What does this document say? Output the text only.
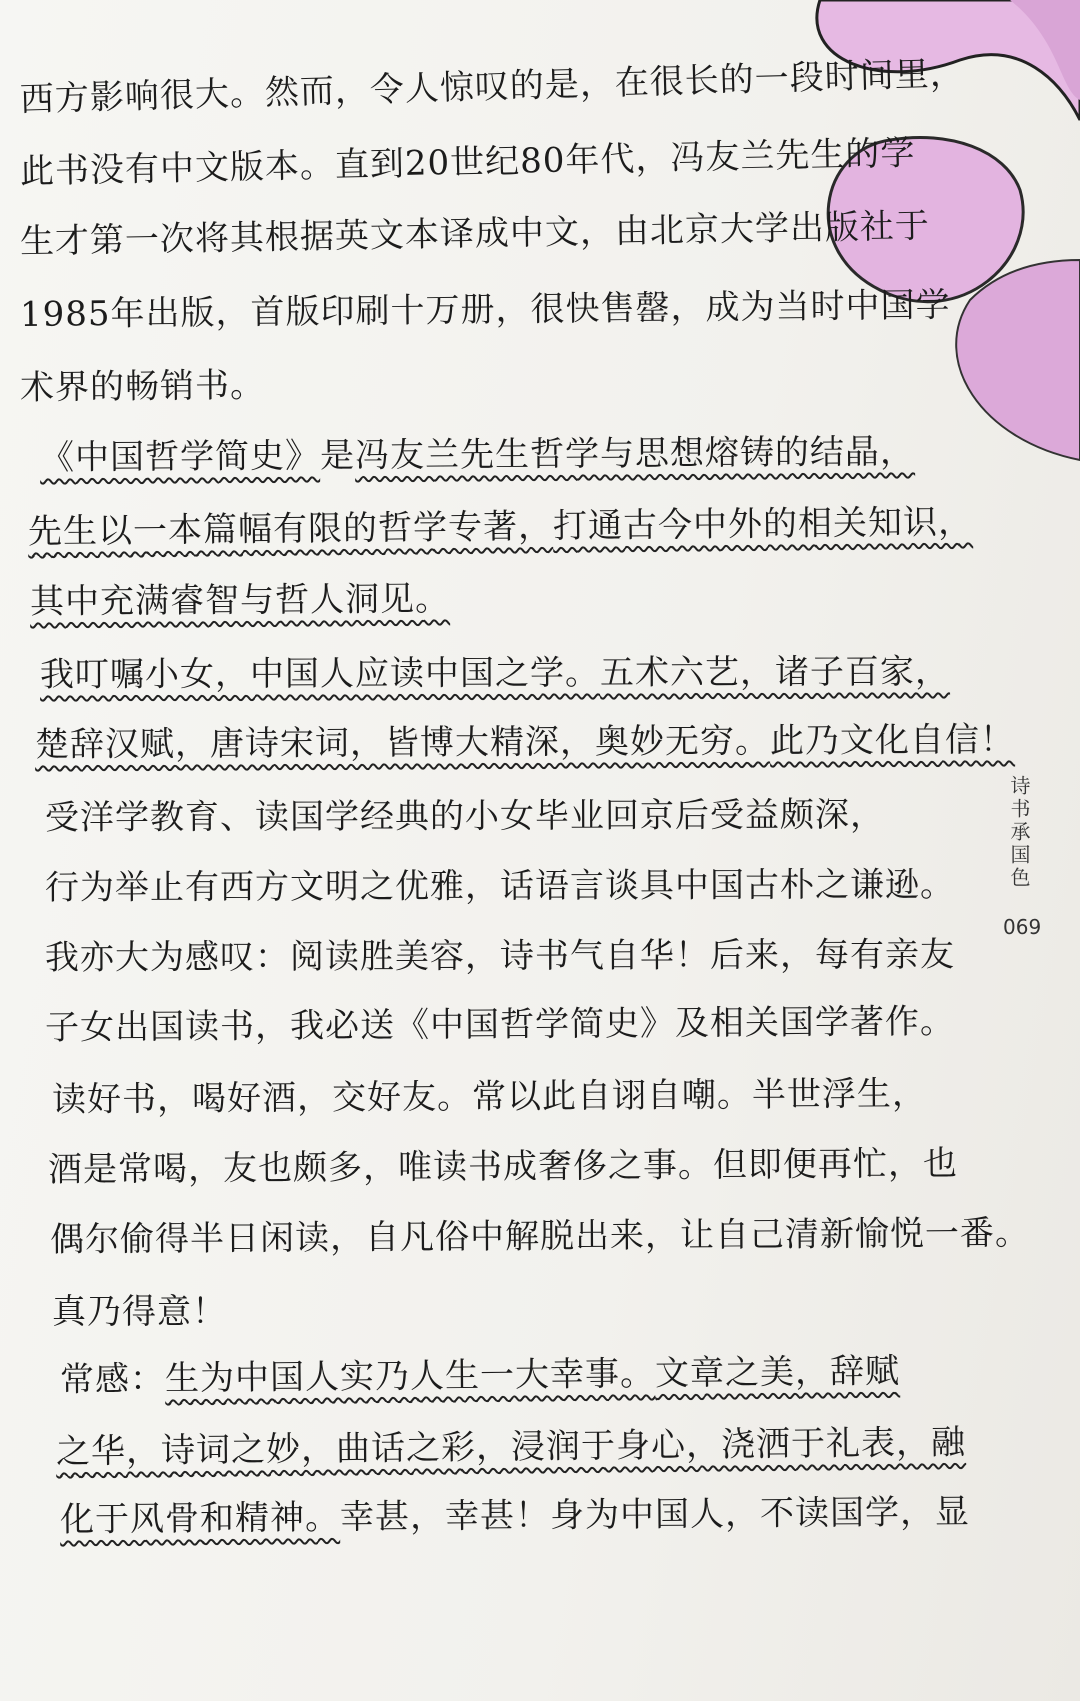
西方影响很大。然而，令人惊叹的是，在很长的一段时间里，
此书没有中文版本。直到20世纪80年代，冯友兰先生的学
生才第一次将其根据英文本译成中文，由北京大学出版社于
1985年出版，首版印刷十万册，很快售罄，成为当时中国学
术界的畅销书。
《中国哲学简史》是冯友兰先生哲学与思想熔铸的结晶，
先生以一本篇幅有限的哲学专著，打通古今中外的相关知识，
其中充满睿智与哲人洞见。
我叮嘱小女，中国人应读中国之学。五术六艺，诸子百家，
楚辞汉赋，唐诗宋词，皆博大精深，奥妙无穷。此乃文化自信！
受洋学教育、读国学经典的小女毕业回京后受益颇深，
行为举止有西方文明之优雅，话语言谈具中国古朴之谦逊。
我亦大为感叹：阅读胜美容，诗书气自华！后来，每有亲友
子女出国读书，我必送《中国哲学简史》及相关国学著作。
读好书，喝好酒，交好友。常以此自诩自嘲。半世浮生，
酒是常喝，友也颇多，唯读书成奢侈之事。但即便再忙，也
偶尔偷得半日闲读，自凡俗中解脱出来，让自己清新愉悦一番。
真乃得意！
常感：生为中国人实乃人生一大幸事。文章之美，辞赋
之华，诗词之妙，曲话之彩，浸润于身心，浇洒于礼表，融
化于风骨和精神。幸甚，幸甚！身为中国人，不读国学，显
诗书承国色
069
